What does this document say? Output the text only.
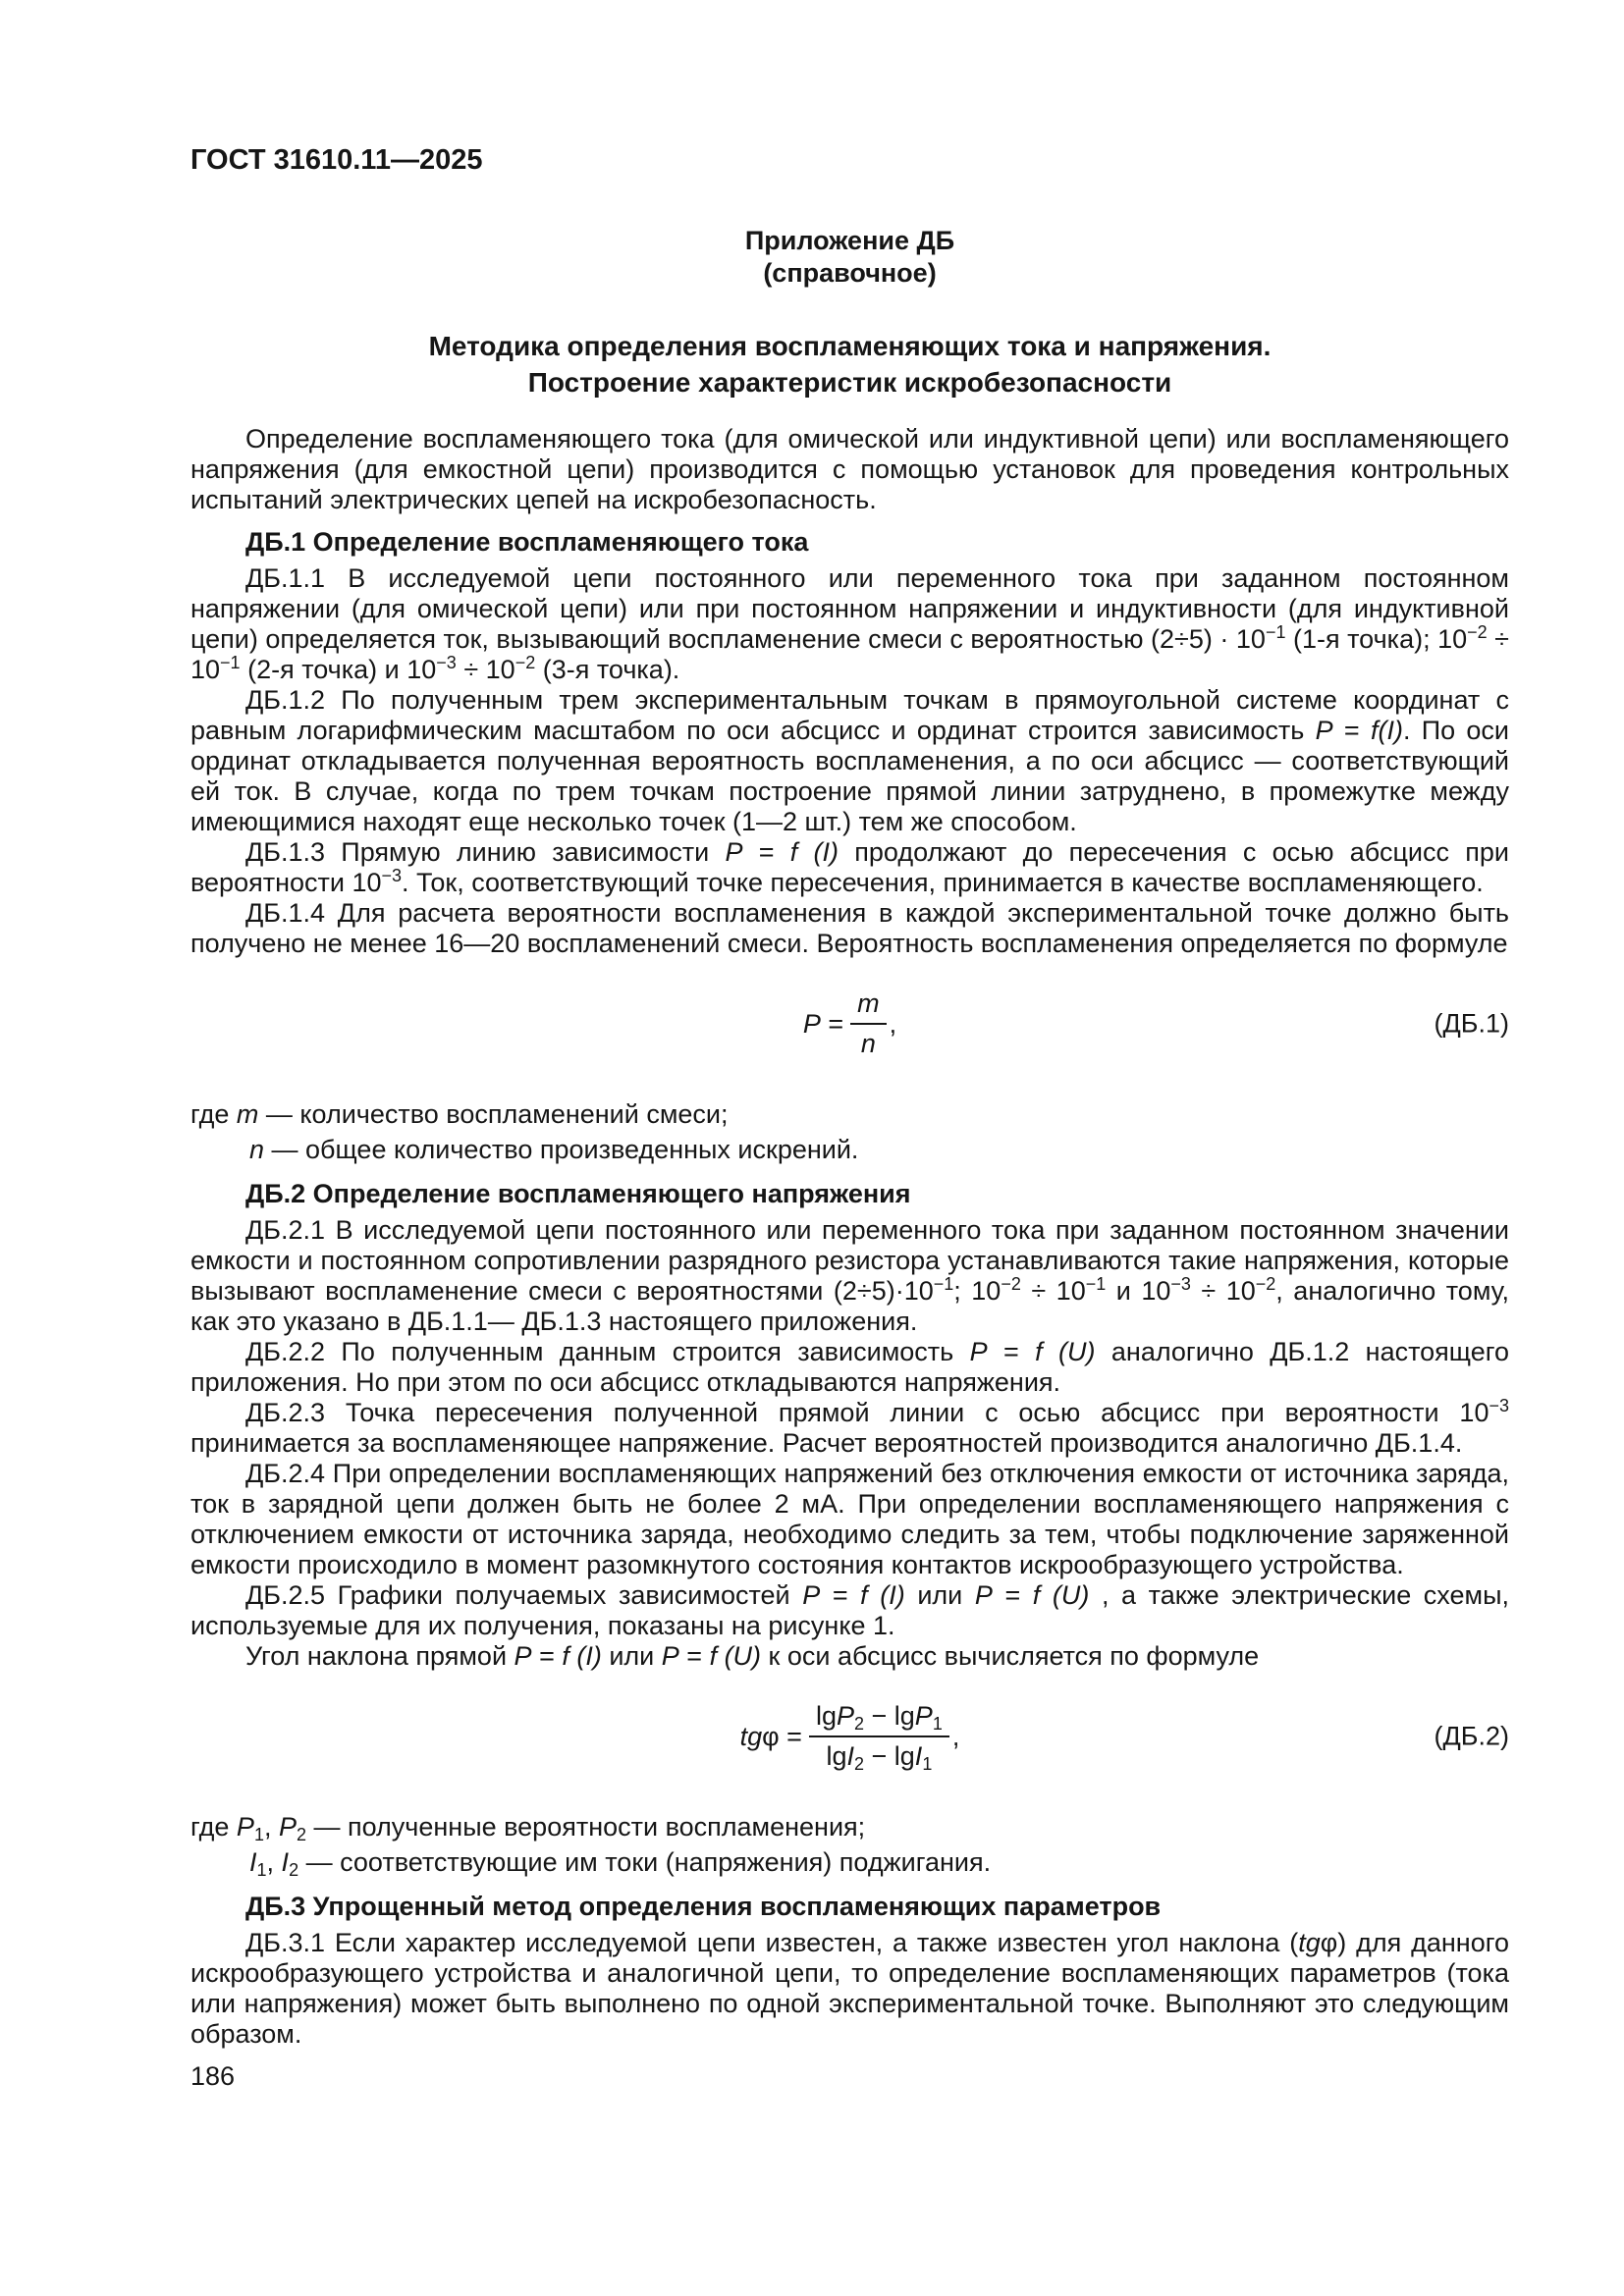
ГОСТ 31610.11—2025
Приложение ДБ
(справочное)
Методика определения воспламеняющих тока и напряжения.
Построение характеристик искробезопасности

Определение воспламеняющего тока (для омической или индуктивной цепи) или воспламеняющего напряжения (для емкостной цепи) производится с помощью установок для проведения контрольных испытаний электрических цепей на искробезопасность.

ДБ.1 Определение воспламеняющего тока

ДБ.1.1 В исследуемой цепи постоянного или переменного тока при заданном постоянном напряжении (для омической цепи) или при постоянном напряжении и индуктивности (для индуктивной цепи) определяется ток, вызывающий воспламенение смеси с вероятностью $(2\div 5) \cdot 10^{-1}$ (1-я точка); $10^{-2} \div 10^{-1}$ (2-я точка) и $10^{-3} \div 10^{-2}$ (3-я точка).

ДБ.1.2 По полученным трем экспериментальным точкам в прямоугольной системе координат с равным логарифмическим масштабом по оси абсцисс и ординат строится зависимость P = f(I). По оси ординат откладывается полученная вероятность воспламенения, а по оси абсцисс — соответствующий ей ток. В случае, когда по трем точкам построение прямой линии затруднено, в промежутке между имеющимися находят еще несколько точек (1—2 шт.) тем же способом.

ДБ.1.3 Прямую линию зависимости P = f (I) продолжают до пересечения с осью абсцисс при вероятности $10^{-3}$. Ток, соответствующий точке пересечения, принимается в качестве воспламеняющего.

ДБ.1.4 Для расчета вероятности воспламенения в каждой экспериментальной точке должно быть получено не менее 16—20 воспламенений смеси. Вероятность воспламенения определяется по формуле

$P = \frac{m}{n}$ ,	(ДБ.1)

где m — количество воспламенений смеси;

n — общее количество произведенных искрений.

ДБ.2 Определение воспламеняющего напряжения

ДБ.2.1 В исследуемой цепи постоянного или переменного тока при заданном постоянном значении емкости и постоянном сопротивлении разрядного резистора устанавливаются такие напряжения, которые вызывают воспламенение смеси с вероятностями $(2\div 5)\cdot 10^{-1}$; $10^{-2} \div 10^{-1}$ и $10^{-3} \div 10^{-2}$, аналогично тому, как это указано в ДБ.1.1— ДБ.1.3 настоящего приложения.

ДБ.2.2 По полученным данным строится зависимость P = f (U) аналогично ДБ.1.2 настоящего приложения. Но при этом по оси абсцисс откладываются напряжения.

ДБ.2.3 Точка пересечения полученной прямой линии с осью абсцисс при вероятности $10^{-3}$ принимается за воспламеняющее напряжение. Расчет вероятностей производится аналогично ДБ.1.4.

ДБ.2.4 При определении воспламеняющих напряжений без отключения емкости от источника заряда, ток в зарядной цепи должен быть не более 2 мА. При определении воспламеняющего напряжения с отключением емкости от источника заряда, необходимо следить за тем, чтобы подключение заряженной емкости происходило в момент разомкнутого состояния контактов искрообразующего устройства.

ДБ.2.5 Графики получаемых зависимостей P = f (I) или P = f (U) , а также электрические схемы, используемые для их получения, показаны на рисунке 1.

Угол наклона прямой P = f (I) или P = f (U) к оси абсцисс вычисляется по формуле

$tg\varphi = \frac{\lg P_2 - \lg P_1}{\lg I_2 - \lg I_1}$ ,	(ДБ.2)

где $P_1$, $P_2$ — полученные вероятности воспламенения;

$I_1$, $I_2$ — соответствующие им токи (напряжения) поджигания.

ДБ.3 Упрощенный метод определения воспламеняющих параметров

ДБ.3.1 Если характер исследуемой цепи известен, а также известен угол наклона (tgφ) для данного искрообразующего устройства и аналогичной цепи, то определение воспламеняющих параметров (тока или напряжения) может быть выполнено по одной экспериментальной точке. Выполняют это следующим образом.

186
